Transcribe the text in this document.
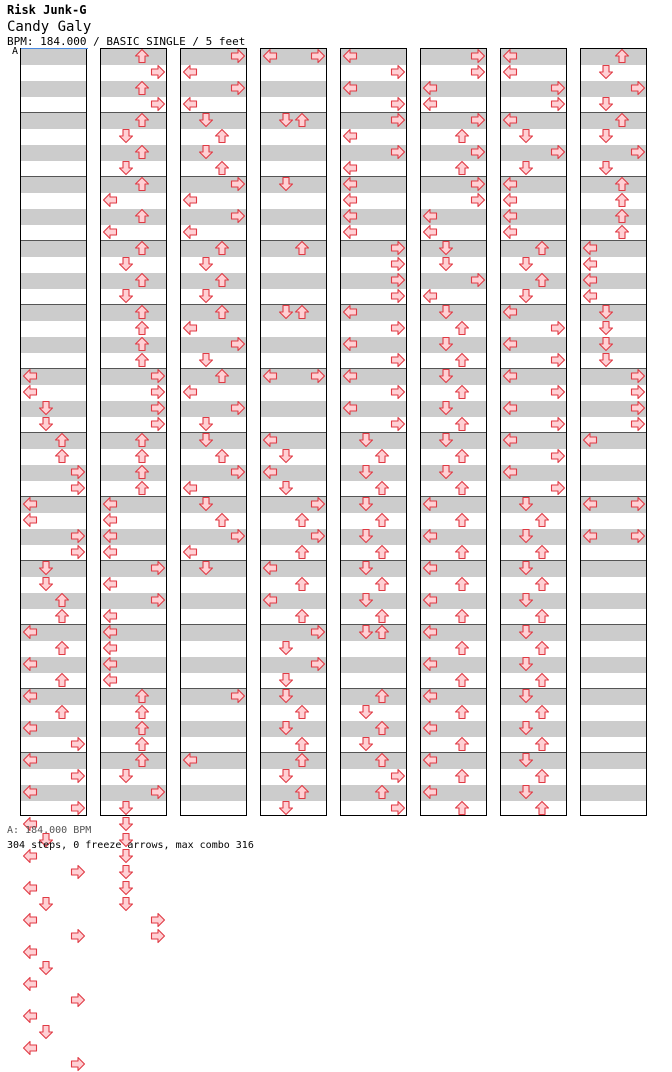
Risk Junk-G
Candy Galy
BPM: 184.000 / BASIC SINGLE / 5 feet
A
A: 184.000 BPM
304 steps, 0 freeze arrows, max combo 316
